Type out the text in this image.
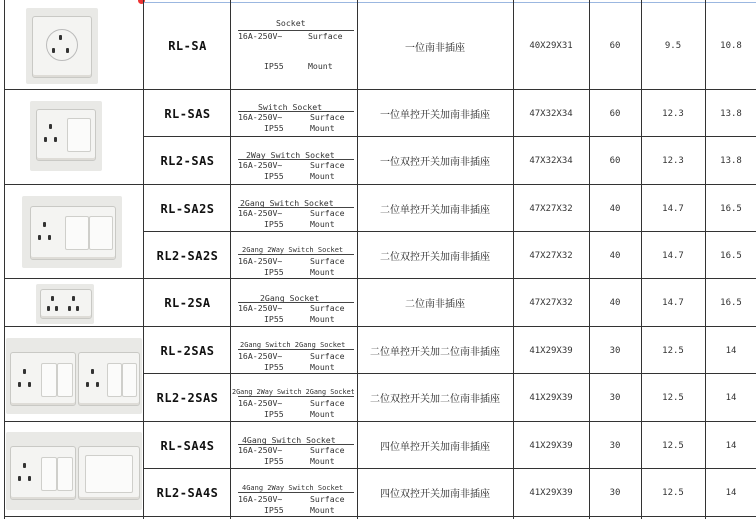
RL-SA
Socket
16A-250V~	Surface
IP55	Mount
一位南非插座	40X29X31	60	9.5	10.8
RL-SAS	Switch Socket
16A-250V~	Surface
IP55	Mount
一位单控开关加南非插座	47X32X34	60	12.3	13.8
RL2-SAS	2Way Switch Socket
16A-250V~	Surface
IP55	Mount
一位双控开关加南非插座	47X32X34	60	12.3	13.8
RL-SA2S	2Gang Switch Socket
16A-250V~	Surface
IP55	Mount
二位单控开关加南非插座	47X27X32	40	14.7	16.5
RL2-SA2S	2Gang 2Way Switch Socket
16A-250V~	Surface
IP55	Mount
二位双控开关加南非插座	47X27X32	40	14.7	16.5
RL-2SA	2Gang Socket
16A-250V~	Surface
IP55	Mount
二位南非插座	47X27X32	40	14.7	16.5
RL-2SAS	2Gang Switch 2Gang Socket
16A-250V~	Surface
IP55	Mount
二位单控开关加二位南非插座	41X29X39	30	12.5	14
RL2-2SAS	2Gang 2Way Switch 2Gang Socket
16A-250V~	Surface
IP55	Mount
二位双控开关加二位南非插座	41X29X39	30	12.5	14
RL-SA4S	4Gang Switch Socket
16A-250V~	Surface
IP55	Mount
四位单控开关加南非插座	41X29X39	30	12.5	14
RL2-SA4S	4Gang 2Way Switch Socket
16A-250V~	Surface
IP55	Mount
四位双控开关加南非插座	41X29X39	30	12.5	14
